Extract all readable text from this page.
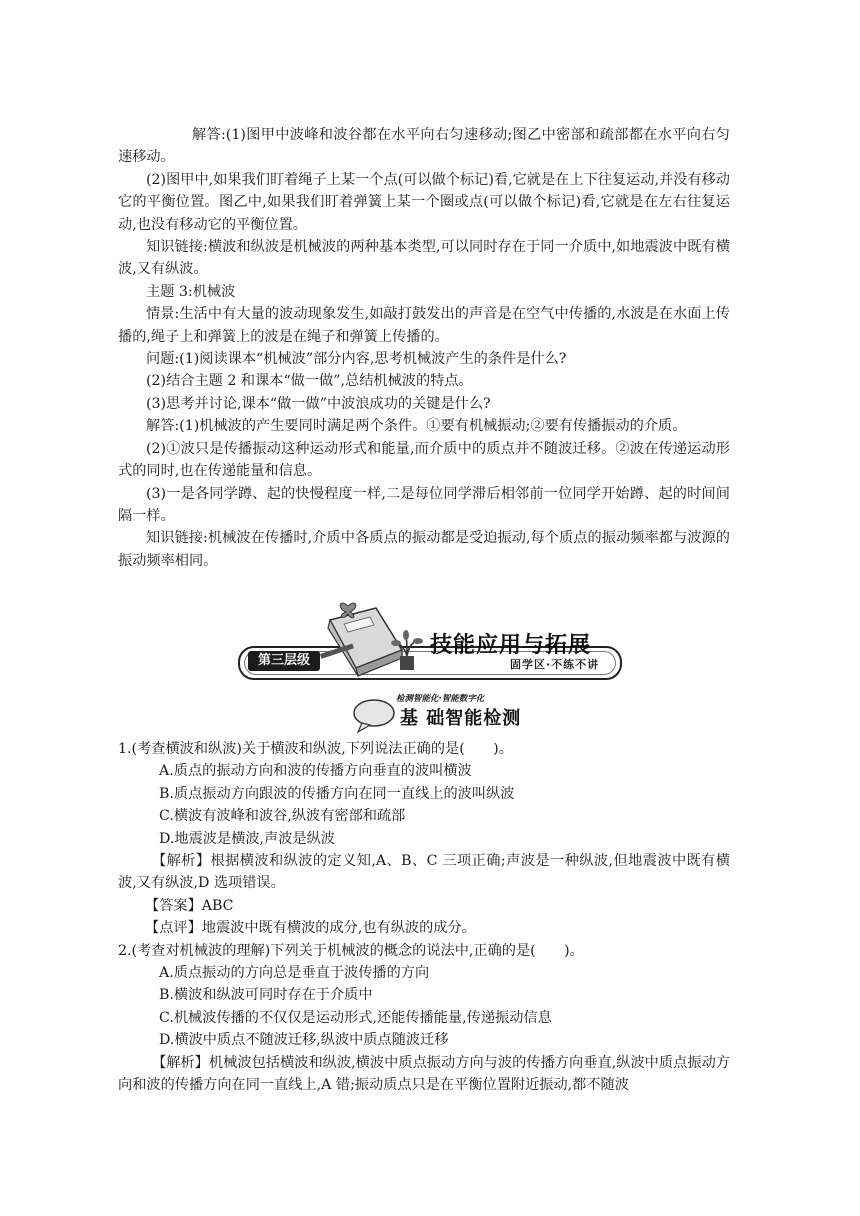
解答:(1)图甲中波峰和波谷都在水平向右匀速移动;图乙中密部和疏部都在水平向右匀速移动。

(2)图甲中,如果我们盯着绳子上某一个点(可以做个标记)看,它就是在上下往复运动,并没有移动它的平衡位置。图乙中,如果我们盯着弹簧上某一个圈或点(可以做个标记)看,它就是在左右往复运动,也没有移动它的平衡位置。

知识链接:横波和纵波是机械波的两种基本类型,可以同时存在于同一介质中,如地震波中既有横波,又有纵波。

主题 3:机械波

情景:生活中有大量的波动现象发生,如敲打鼓发出的声音是在空气中传播的,水波是在水面上传播的,绳子上和弹簧上的波是在绳子和弹簧上传播的。

问题:(1)阅读课本“机械波”部分内容,思考机械波产生的条件是什么?

(2)结合主题 2 和课本“做一做”,总结机械波的特点。

(3)思考并讨论,课本“做一做”中波浪成功的关键是什么?

解答:(1)机械波的产生要同时满足两个条件。①要有机械振动;②要有传播振动的介质。

(2)①波只是传播振动这种运动形式和能量,而介质中的质点并不随波迁移。②波在传递运动形式的同时,也在传递能量和信息。

(3)一是各同学蹲、起的快慢程度一样,二是每位同学滞后相邻前一位同学开始蹲、起的时间间隔一样。

知识链接:机械波在传播时,介质中各质点的振动都是受迫振动,每个质点的振动频率都与波源的振动频率相同。

第三层级
技能应用与拓展
固学区·不练不讲
检测智能化·智能数字化
基 础智能检测

1.(考查横波和纵波)关于横波和纵波,下列说法正确的是(　　)。

A.质点的振动方向和波的传播方向垂直的波叫横波

B.质点振动方向跟波的传播方向在同一直线上的波叫纵波

C.横波有波峰和波谷,纵波有密部和疏部

D.地震波是横波,声波是纵波

【解析】根据横波和纵波的定义知,A、B、C 三项正确;声波是一种纵波,但地震波中既有横波,又有纵波,D 选项错误。

【答案】ABC

【点评】地震波中既有横波的成分,也有纵波的成分。

2.(考查对机械波的理解)下列关于机械波的概念的说法中,正确的是(　　)。

A.质点振动的方向总是垂直于波传播的方向

B.横波和纵波可同时存在于介质中

C.机械波传播的不仅仅是运动形式,还能传播能量,传递振动信息

D.横波中质点不随波迁移,纵波中质点随波迁移

【解析】机械波包括横波和纵波,横波中质点振动方向与波的传播方向垂直,纵波中质点振动方向和波的传播方向在同一直线上,A 错;振动质点只是在平衡位置附近振动,都不随波
